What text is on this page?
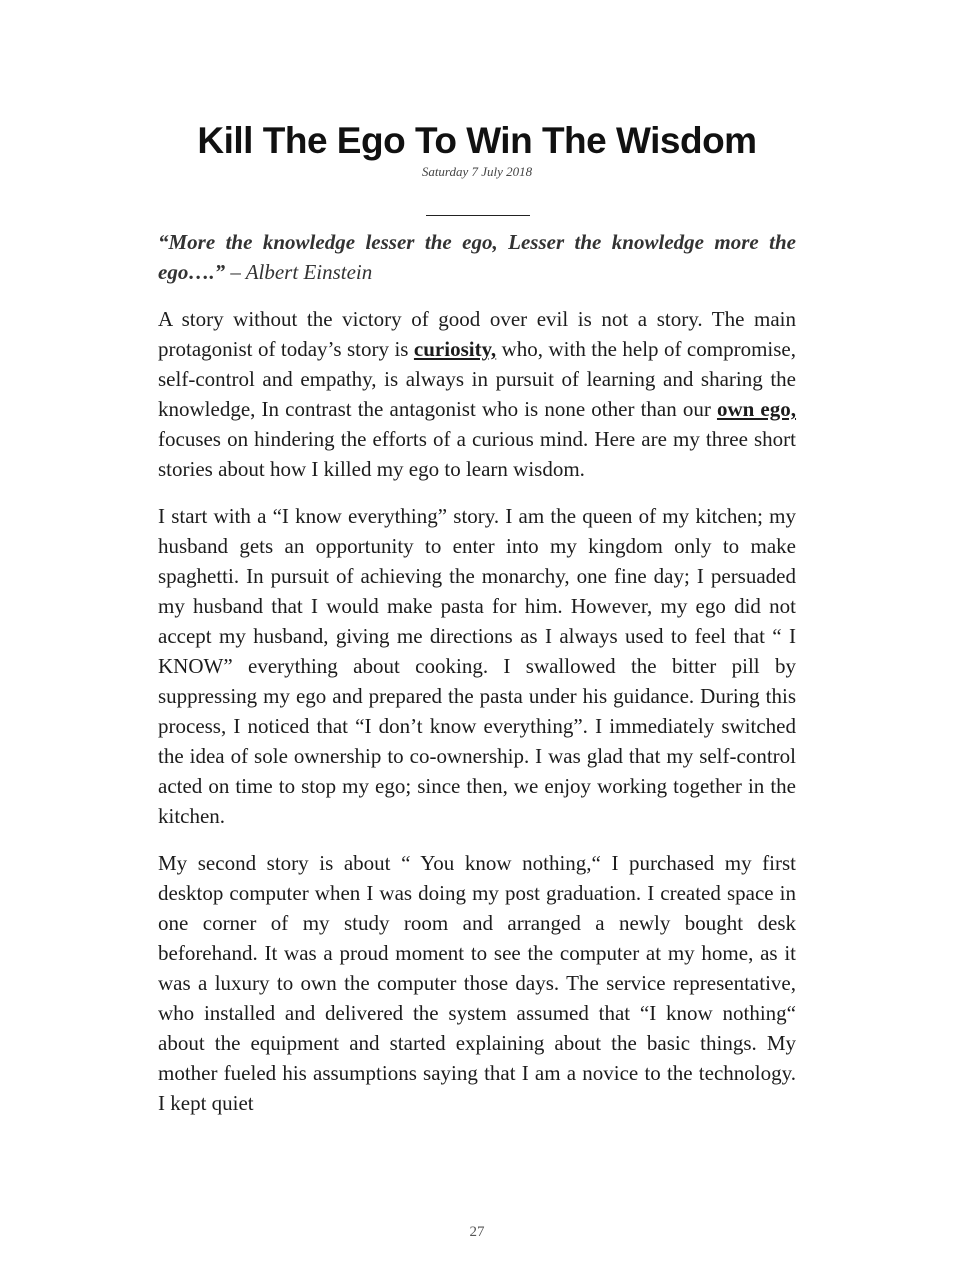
Kill The Ego To Win The Wisdom
Saturday 7 July 2018

“More the knowledge lesser the ego, Lesser the knowledge more the ego….” – Albert Einstein

A story without the victory of good over evil is not a story. The main protagonist of today’s story is curiosity, who, with the help of compromise, self-control and empathy, is always in pursuit of learning and sharing the knowledge, In contrast the antagonist who is none other than our own ego, focuses on hindering the efforts of a curious mind. Here are my three short stories about how I killed my ego to learn wisdom.

I start with a “I know everything” story. I am the queen of my kitchen; my husband gets an opportunity to enter into my kingdom only to make spaghetti. In pursuit of achieving the monarchy, one fine day; I persuaded my husband that I would make pasta for him. However, my ego did not accept my husband, giving me directions as I always used to feel that “ I KNOW” everything about cooking. I swallowed the bitter pill by suppressing my ego and prepared the pasta under his guidance. During this process, I noticed that “I don’t know everything”. I immediately switched the idea of sole ownership to co-ownership. I was glad that my self-control acted on time to stop my ego; since then, we enjoy working together in the kitchen.

My second story is about “ You know nothing,“ I purchased my first desktop computer when I was doing my post graduation. I created space in one corner of my study room and arranged a newly bought desk beforehand. It was a proud moment to see the computer at my home, as it was a luxury to own the computer those days. The service representative, who installed and delivered the system assumed that “I know nothing“ about the equipment and started explaining about the basic things. My mother fueled his assumptions saying that I am a novice to the technology. I kept quiet

27
